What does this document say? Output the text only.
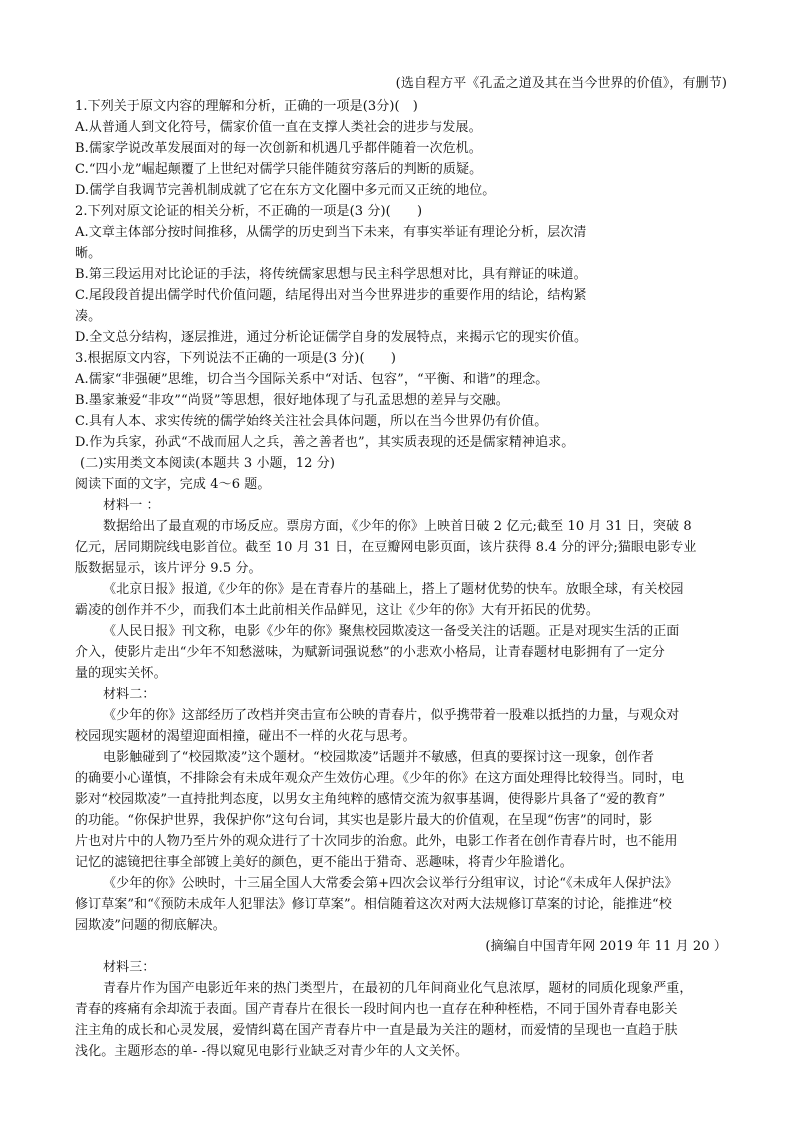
(选自程方平《孔孟之道及其在当今世界的价值》，有删节)
1.下列关于原文内容的理解和分析，正确的一项是(3分)(　)
A.从普通人到文化符号，儒家价值一直在支撑人类社会的进步与发展。
B.儒家学说改革发展面对的每一次创新和机遇几乎都伴随着一次危机。
C.“四小龙”崛起颠覆了上世纪对儒学只能伴随贫穷落后的判断的质疑。
D.儒学自我调节完善机制成就了它在东方文化圈中多元而又正统的地位。
2.下列对原文论证的相关分析，不正确的一项是(3 分)(　　)
A.文章主体部分按时间推移，从儒学的历史到当下未来，有事实举证有理论分析，层次清
晰。
B.第三段运用对比论证的手法，将传统儒家思想与民主科学思想对比，具有辩证的味道。
C.尾段段首提出儒学时代价值问题，结尾得出对当今世界进步的重要作用的结论，结构紧
凑。
D.全文总分结构，逐层推进，通过分析论证儒学自身的发展特点，来揭示它的现实价值。
3.根据原文内容，下列说法不正确的一项是(3 分)(　　)
A.儒家“非强硬”思维，切合当今国际关系中“对话、包容”，“平衡、和谐”的理念。
B.墨家兼爱“非攻”“尚贤”等思想，很好地体现了与孔孟思想的差异与交融。
C.具有人本、求实传统的儒学始终关注社会具体问题，所以在当今世界仍有价值。
D.作为兵家，孙武“不战而屈人之兵，善之善者也”，其实质表现的还是儒家精神追求。
(二)实用类文本阅读(本题共 3 小题，12 分)
阅读下面的文字，完成 4～6 题。
材料一 ：
数据给出了最直观的市场反应。票房方面，《少年的你》上映首日破 2 亿元;截至 10 月 31 日，突破 8
亿元，居同期院线电影首位。截至 10 月 31 日，在豆瓣网电影页面，该片获得 8.4 分的评分;猫眼电影专业
版数据显示，该片评分 9.5 分。
《北京日报》报道,《少年的你》是在青春片的基础上，搭上了题材优势的快车。放眼全球，有关校园
霸凌的创作并不少，而我们本土此前相关作品鲜见，这让《少年的你》大有开拓民的优势。
《人民日报》刊文称，电影《少年的你》聚焦校园欺凌这一备受关注的话题。正是对现实生活的正面
介入，使影片走出“少年不知愁滋味，为赋新词强说愁”的小悲欢小格局，让青春题材电影拥有了一定分
量的现实关怀。
材料二：
《少年的你》这部经历了改档并突击宣布公映的青春片，似乎携带着一股难以抵挡的力量，与观众对
校园现实题材的渴望迎面相撞，碰出不一样的火花与思考。
电影触碰到了“校园欺凌”这个题材。“校园欺凌”话题并不敏感，但真的要探讨这一现象，创作者
的确要小心谨慎，不排除会有未成年观众产生效仿心理。《少年的你》在这方面处理得比较得当。同时，电
影对“校园欺凌”一直持批判态度，以男女主角纯粹的感情交流为叙事基调，使得影片具备了“爱的教育”
的功能。“你保护世界，我保护你”这句台词，其实也是影片最大的价值观，在呈现“伤害”的同时，影
片也对片中的人物乃至片外的观众进行了十次同步的治愈。此外，电影工作者在创作青春片时，也不能用
记忆的滤镜把往事全部镀上美好的颜色，更不能出于猎奇、恶趣味，将青少年脸谱化。
《少年的你》公映时，十三届全国人大常委会第+四次会议举行分组审议，讨论“《未成年人保护法》
修订草案”和“《预防未成年人犯罪法》修订草案”。相信随着这次对两大法规修订草案的讨论，能推进“校
园欺凌”问题的彻底解决。
(摘编自中国青年网 2019 年 11 月 20 ）
材料三：
青春片作为国产电影近年来的热门类型片，在最初的几年间商业化气息浓厚，题材的同质化现象严重，
青春的疼痛有余却流于表面。国产青春片在很长一段时间内也一直存在种种桎梏，不同于国外青春电影关
注主角的成长和心灵发展，爱情纠葛在国产青春片中一直是最为关注的题材，而爱情的呈现也一直趋于肤
浅化。主题形态的单- -得以窥见电影行业缺乏对青少年的人文关怀。
